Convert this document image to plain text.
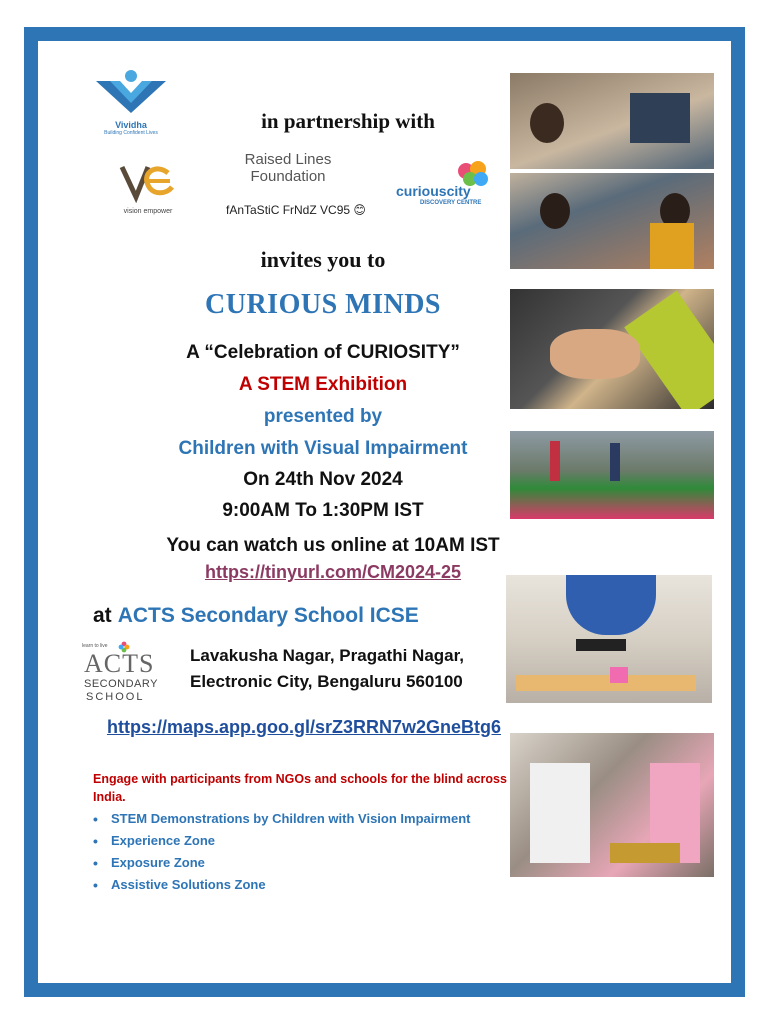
Vividha
Building Confident Lives	in partnership with
vision empower
Raised Lines
Foundation
fAnTaStiC FrNdZ VC95 😊
curiouscity
DISCOVERY CENTRE
invites you to
CURIOUS MINDS
A “Celebration of CURIOSITY”
A STEM Exhibition
presented by
Children with Visual Impairment
On 24th Nov 2024
9:00AM To 1:30PM IST
You can watch us online at 10AM IST
https://tinyurl.com/CM2024-25
at ACTS Secondary School ICSE
learn to live
ACTS
SECONDARY
SCHOOL
Lavakusha Nagar, Pragathi Nagar,
Electronic City, Bengaluru 560100
https://maps.app.goo.gl/srZ3RRN7w2GneBtg6
Engage with participants from NGOs and schools for the blind across India.
• STEM Demonstrations by Children with Vision Impairment
• Experience Zone
• Exposure Zone
• Assistive Solutions Zone
